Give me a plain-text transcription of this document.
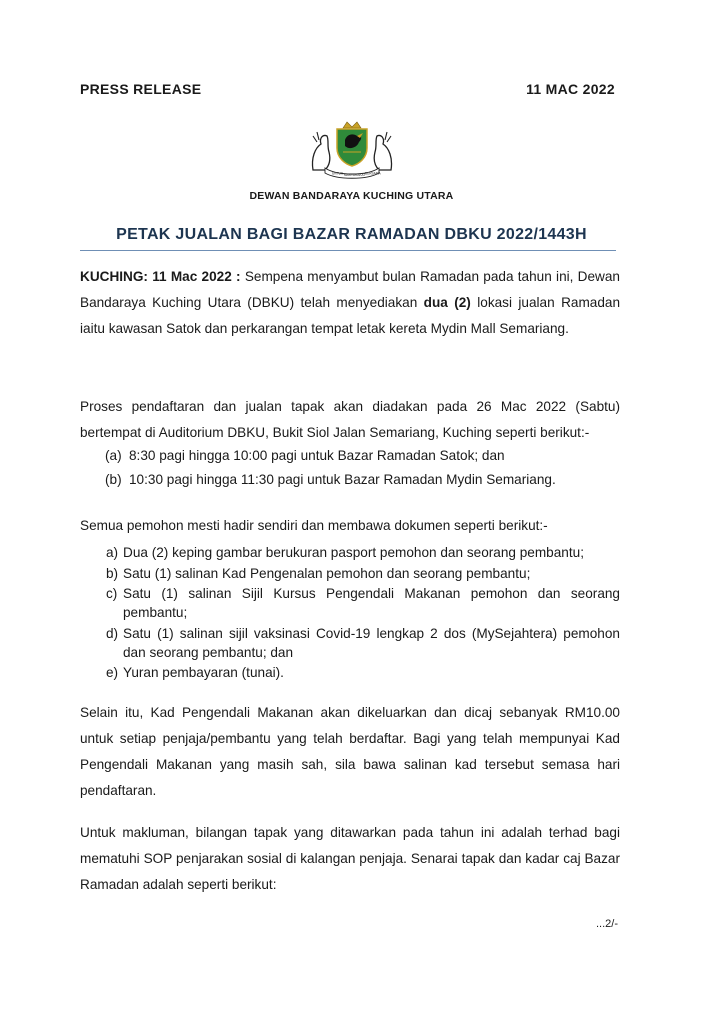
PRESS RELEASE	11 MAC 2022
UNTUK MASYARAKAT BERSAMA
DEWAN BANDARAYA KUCHING UTARA
PETAK JUALAN BAGI BAZAR RAMADAN DBKU 2022/1443H
KUCHING: 11 Mac 2022 : Sempena menyambut bulan Ramadan pada tahun ini, Dewan Bandaraya Kuching Utara (DBKU) telah menyediakan dua (2) lokasi jualan Ramadan iaitu kawasan Satok dan perkarangan tempat letak kereta Mydin Mall Semariang.
Proses pendaftaran dan jualan tapak akan diadakan pada 26 Mac 2022 (Sabtu) bertempat di Auditorium DBKU, Bukit Siol Jalan Semariang, Kuching seperti berikut:-
(a) 8:30 pagi hingga 10:00 pagi untuk Bazar Ramadan Satok; dan
(b) 10:30 pagi hingga 11:30 pagi untuk Bazar Ramadan Mydin Semariang.
Semua pemohon mesti hadir sendiri dan membawa dokumen seperti berikut:-
a) Dua (2) keping gambar berukuran pasport pemohon dan seorang pembantu;
b) Satu (1) salinan Kad Pengenalan pemohon dan seorang pembantu;
c) Satu (1) salinan Sijil Kursus Pengendali Makanan pemohon dan seorang pembantu;
d) Satu (1) salinan sijil vaksinasi Covid-19 lengkap 2 dos (MySejahtera) pemohon dan seorang pembantu; dan
e) Yuran pembayaran (tunai).
Selain itu, Kad Pengendali Makanan akan dikeluarkan dan dicaj sebanyak RM10.00 untuk setiap penjaja/pembantu yang telah berdaftar. Bagi yang telah mempunyai Kad Pengendali Makanan yang masih sah, sila bawa salinan kad tersebut semasa hari pendaftaran.
Untuk makluman, bilangan tapak yang ditawarkan pada tahun ini adalah terhad bagi mematuhi SOP penjarakan sosial di kalangan penjaja. Senarai tapak dan kadar caj Bazar Ramadan adalah seperti berikut:
...2/-
